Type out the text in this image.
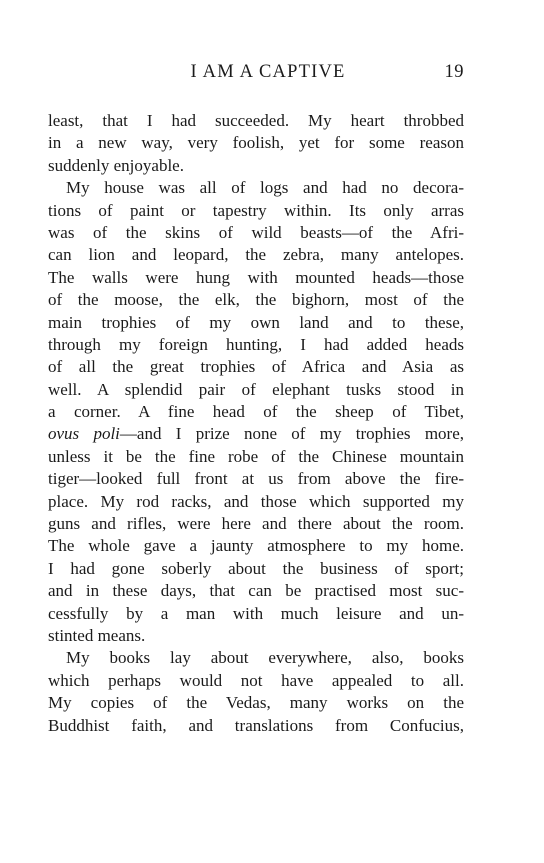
I AM A CAPTIVE	19
least, that I had succeeded. My heart throbbed
in a new way, very foolish, yet for some reason
suddenly enjoyable.
My house was all of logs and had no decora-
tions of paint or tapestry within. Its only arras
was of the skins of wild beasts—of the Afri-
can lion and leopard, the zebra, many antelopes.
The walls were hung with mounted heads—those
of the moose, the elk, the bighorn, most of the
main trophies of my own land and to these,
through my foreign hunting, I had added heads
of all the great trophies of Africa and Asia as
well. A splendid pair of elephant tusks stood in
a corner. A fine head of the sheep of Tibet,
ovus poli—and I prize none of my trophies more,
unless it be the fine robe of the Chinese mountain
tiger—looked full front at us from above the fire-
place. My rod racks, and those which supported my
guns and rifles, were here and there about the room.
The whole gave a jaunty atmosphere to my home.
I had gone soberly about the business of sport;
and in these days, that can be practised most suc-
cessfully by a man with much leisure and un-
stinted means.
My books lay about everywhere, also, books
which perhaps would not have appealed to all.
My copies of the Vedas, many works on the
Buddhist faith, and translations from Confucius,
